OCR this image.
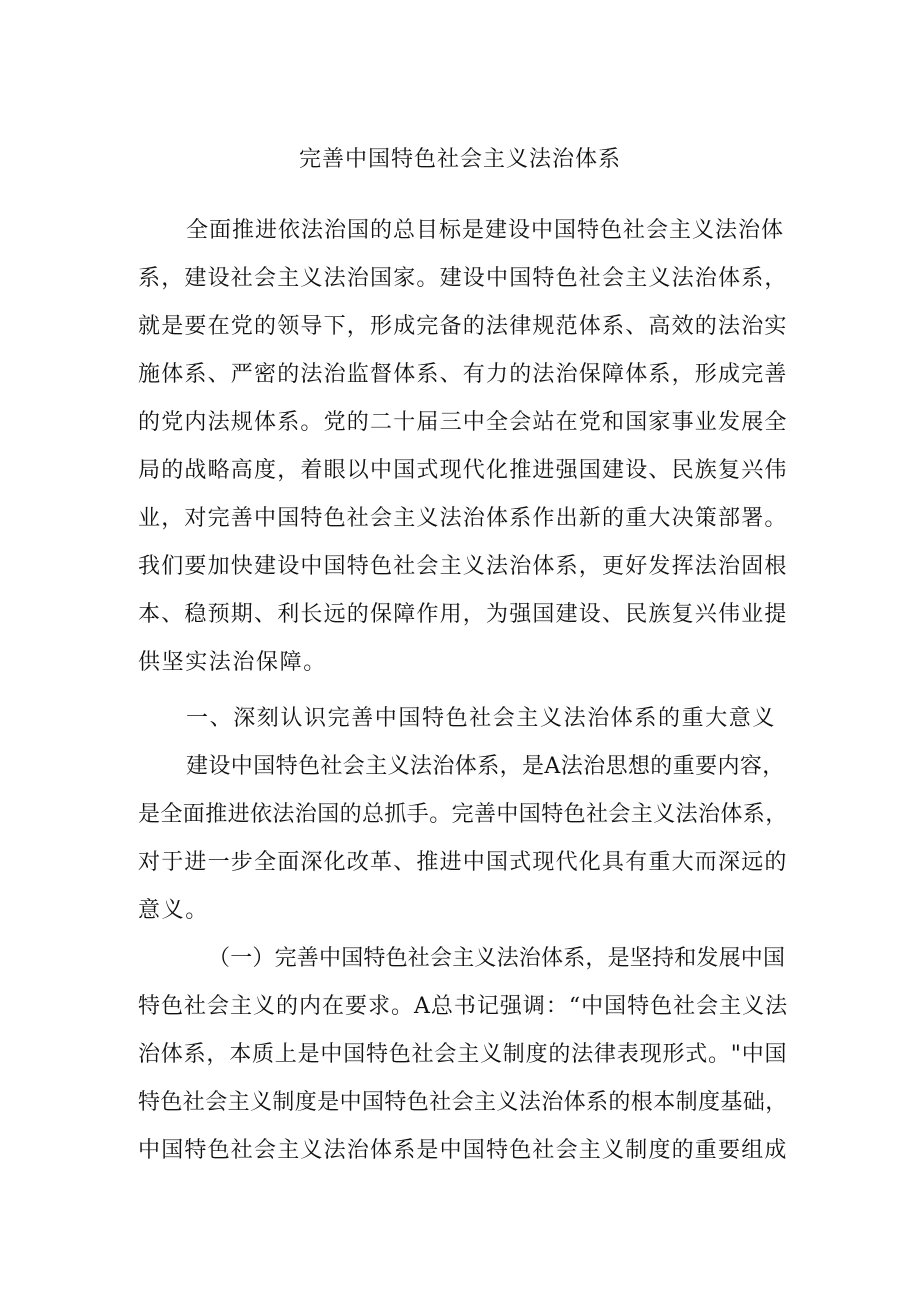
完善中国特色社会主义法治体系

全面推进依法治国的总目标是建设中国特色社会主义法治体

系，建设社会主义法治国家。建设中国特色社会主义法治体系，

就是要在党的领导下，形成完备的法律规范体系、高效的法治实

施体系、严密的法治监督体系、有力的法治保障体系，形成完善

的党内法规体系。党的二十届三中全会站在党和国家事业发展全

局的战略高度，着眼以中国式现代化推进强国建设、民族复兴伟

业，对完善中国特色社会主义法治体系作出新的重大决策部署。

我们要加快建设中国特色社会主义法治体系，更好发挥法治固根

本、稳预期、利长远的保障作用，为强国建设、民族复兴伟业提

供坚实法治保障。

一、深刻认识完善中国特色社会主义法治体系的重大意义

建设中国特色社会主义法治体系，是A法治思想的重要内容，

是全面推进依法治国的总抓手。完善中国特色社会主义法治体系，

对于进一步全面深化改革、推进中国式现代化具有重大而深远的

意义。

（一）完善中国特色社会主义法治体系，是坚持和发展中国

特色社会主义的内在要求。A总书记强调：“中国特色社会主义法

治体系，本质上是中国特色社会主义制度的法律表现形式。"中国

特色社会主义制度是中国特色社会主义法治体系的根本制度基础，

中国特色社会主义法治体系是中国特色社会主义制度的重要组成
